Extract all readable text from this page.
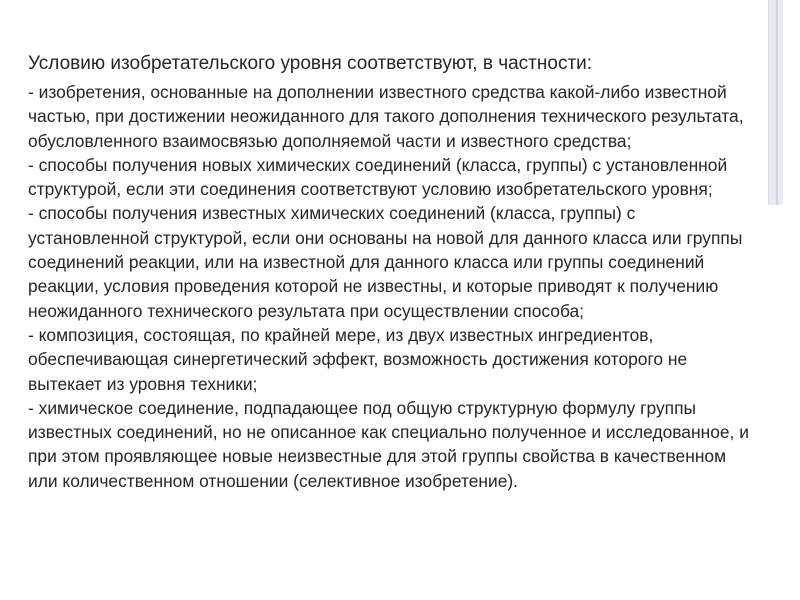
Условию изобретательского уровня соответствуют, в частности:

- изобретения, основанные на дополнении известного средства какой-либо известной частью, при достижении неожиданного для такого дополнения технического результата, обусловленного взаимосвязью дополняемой части и известного средства;

- способы получения новых химических соединений (класса, группы) с установленной структурой, если эти соединения соответствуют условию изобретательского уровня;

- способы получения известных химических соединений (класса, группы) с установленной структурой, если они основаны на новой для данного класса или группы соединений реакции, или на известной для данного класса или группы соединений реакции, условия проведения которой не известны, и которые приводят к получению неожиданного технического результата при осуществлении способа;

- композиция, состоящая, по крайней мере, из двух известных ингредиентов, обеспечивающая синергетический эффект, возможность достижения которого не вытекает из уровня техники;

- химическое соединение, подпадающее под общую структурную формулу группы известных соединений, но не описанное как специально полученное и исследованное, и при этом проявляющее новые неизвестные для этой группы свойства в качественном или количественном отношении (селективное изобретение).
